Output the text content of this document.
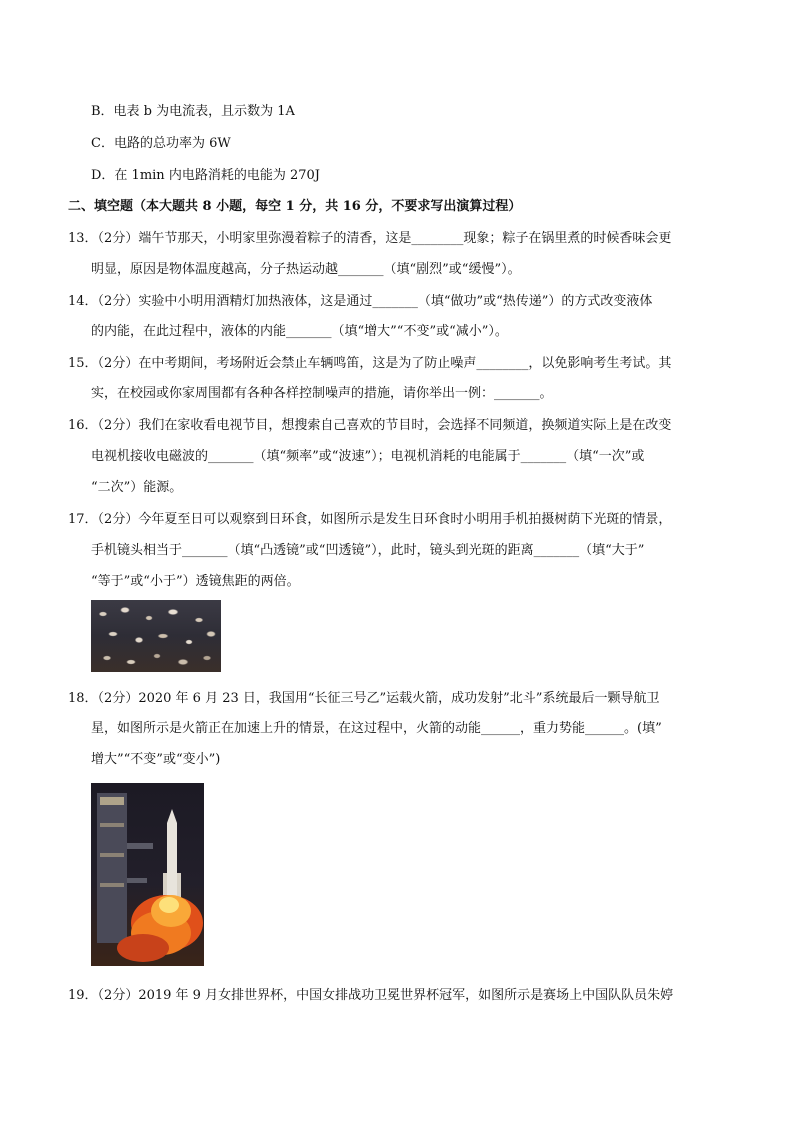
B．电表 b 为电流表，且示数为 1A
C．电路的总功率为 6W
D．在 1min 内电路消耗的电能为 270J
二、填空题（本大题共 8 小题，每空 1 分，共 16 分，不要求写出演算过程）
13．（2分）端午节那天，小明家里弥漫着粽子的清香，这是________现象；粽子在锅里煮的时候香味会更
明显，原因是物体温度越高，分子热运动越_______（填“剧烈”或“缓慢”）。
14．（2分）实验中小明用酒精灯加热液体，这是通过_______（填“做功”或“热传递”）的方式改变液体
的内能，在此过程中，液体的内能_______（填“增大”“不变”或“减小”）。
15．（2分）在中考期间，考场附近会禁止车辆鸣笛，这是为了防止噪声________，以免影响考生考试。其
实，在校园或你家周围都有各种各样控制噪声的措施，请你举出一例：_______。
16．（2分）我们在家收看电视节目，想搜索自己喜欢的节目时，会选择不同频道，换频道实际上是在改变
电视机接收电磁波的_______（填“频率”或“波速”）；电视机消耗的电能属于_______（填“一次”或
“二次”）能源。
17．（2分）今年夏至日可以观察到日环食，如图所示是发生日环食时小明用手机拍摄树荫下光斑的情景，
手机镜头相当于_______（填“凸透镜”或“凹透镜”），此时，镜头到光斑的距离_______（填“大于”
“等于”或“小于”）透镜焦距的两倍。
18．（2分）2020 年 6 月 23 日，我国用“长征三号乙”运载火箭，成功发射”北斗”系统最后一颗导航卫
星，如图所示是火箭正在加速上升的情景，在这过程中，火箭的动能______，重力势能______。(填”
增大”“不变”或“变小”)
19．（2分）2019 年 9 月女排世界杯，中国女排战功卫冕世界杯冠军，如图所示是赛场上中国队队员朱婷
